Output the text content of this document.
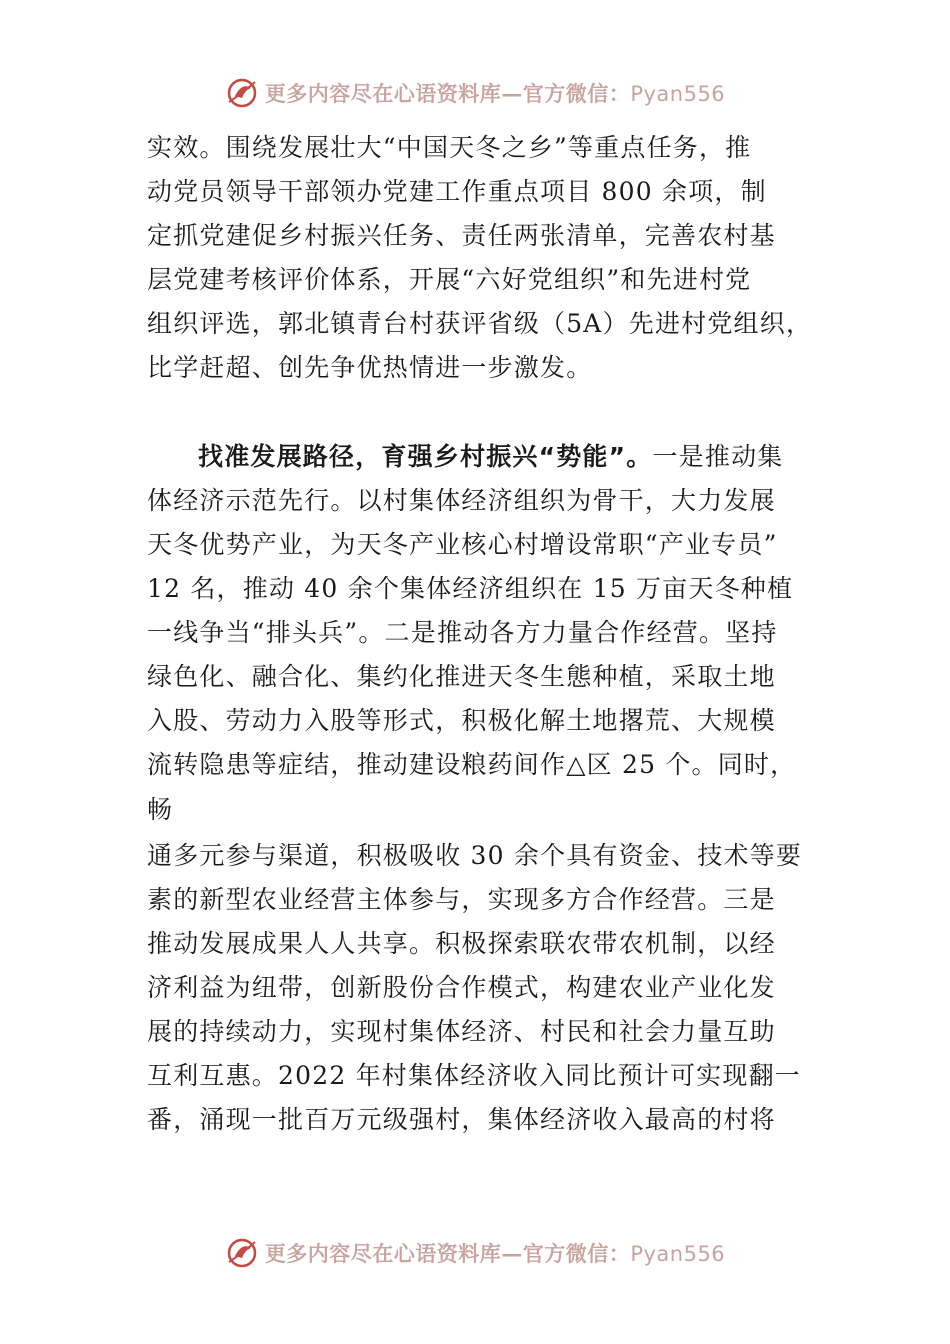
更多内容尽在心语资料库—官方微信：Pyan556
实效。围绕发展壮大“中国天冬之乡”等重点任务，推
动党员领导干部领办党建工作重点项目 800 余项，制
定抓党建促乡村振兴任务、责任两张清单，完善农村基
层党建考核评价体系，开展“六好党组织”和先进村党
组织评选，郭北镇青台村获评省级（5A）先进村党组织，
比学赶超、创先争优热情进一步激发。
找准发展路径，育强乡村振兴“势能”。一是推动集
体经济示范先行。以村集体经济组织为骨干，大力发展
天冬优势产业，为天冬产业核心村增设常职“产业专员”
12 名，推动 40 余个集体经济组织在 15 万亩天冬种植
一线争当“排头兵”。二是推动各方力量合作经营。坚持
绿色化、融合化、集约化推进天冬生態种植，采取土地
入股、劳动力入股等形式，积极化解土地撂荒、大规模
流转隐患等症结，推动建设粮药间作△区 25 个。同时，
畅
通多元参与渠道，积极吸收 30 余个具有资金、技术等要
素的新型农业经营主体参与，实现多方合作经营。三是
推动发展成果人人共享。积极探索联农带农机制，以经
济利益为纽带，创新股份合作模式，构建农业产业化发
展的持续动力，实现村集体经济、村民和社会力量互助
互利互惠。2022 年村集体经济收入同比预计可实现翻一
番，涌现一批百万元级强村，集体经济收入最高的村将
更多内容尽在心语资料库—官方微信：Pyan556
